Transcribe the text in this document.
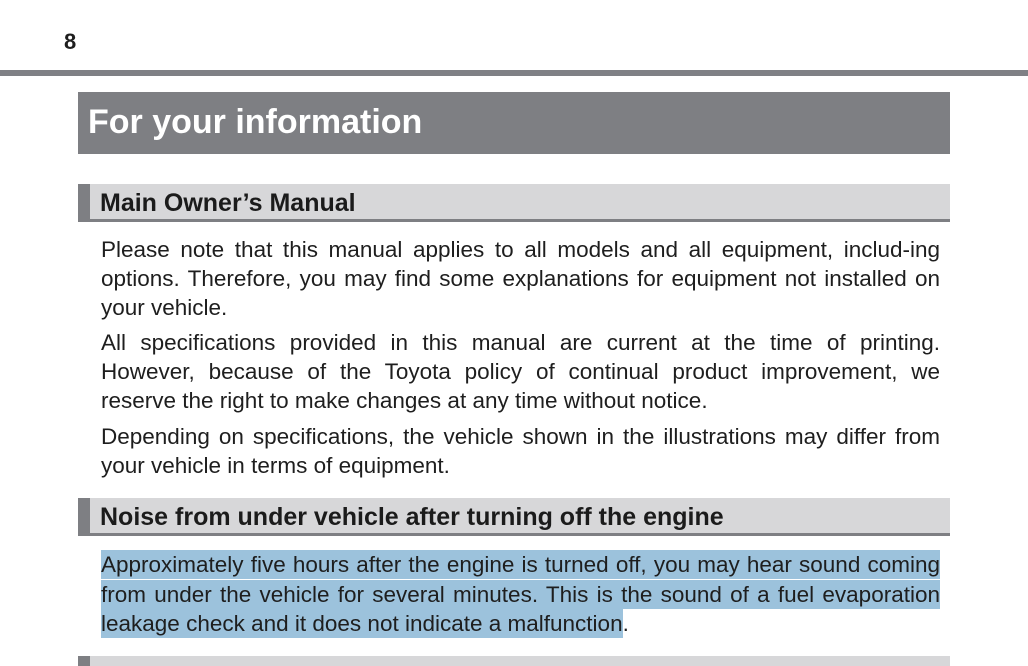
8
For your information
Main Owner’s Manual

Please note that this manual applies to all models and all equipment, includ-ing options. Therefore, you may find some explanations for equipment not installed on your vehicle.

All specifications provided in this manual are current at the time of printing. However, because of the Toyota policy of continual product improvement, we reserve the right to make changes at any time without notice.

Depending on specifications, the vehicle shown in the illustrations may differ from your vehicle in terms of equipment.

Noise from under vehicle after turning off the engine

Approximately five hours after the engine is turned off, you may hear sound coming from under the vehicle for several minutes. This is the sound of a fuel evaporation leakage check and it does not indicate a malfunction.
